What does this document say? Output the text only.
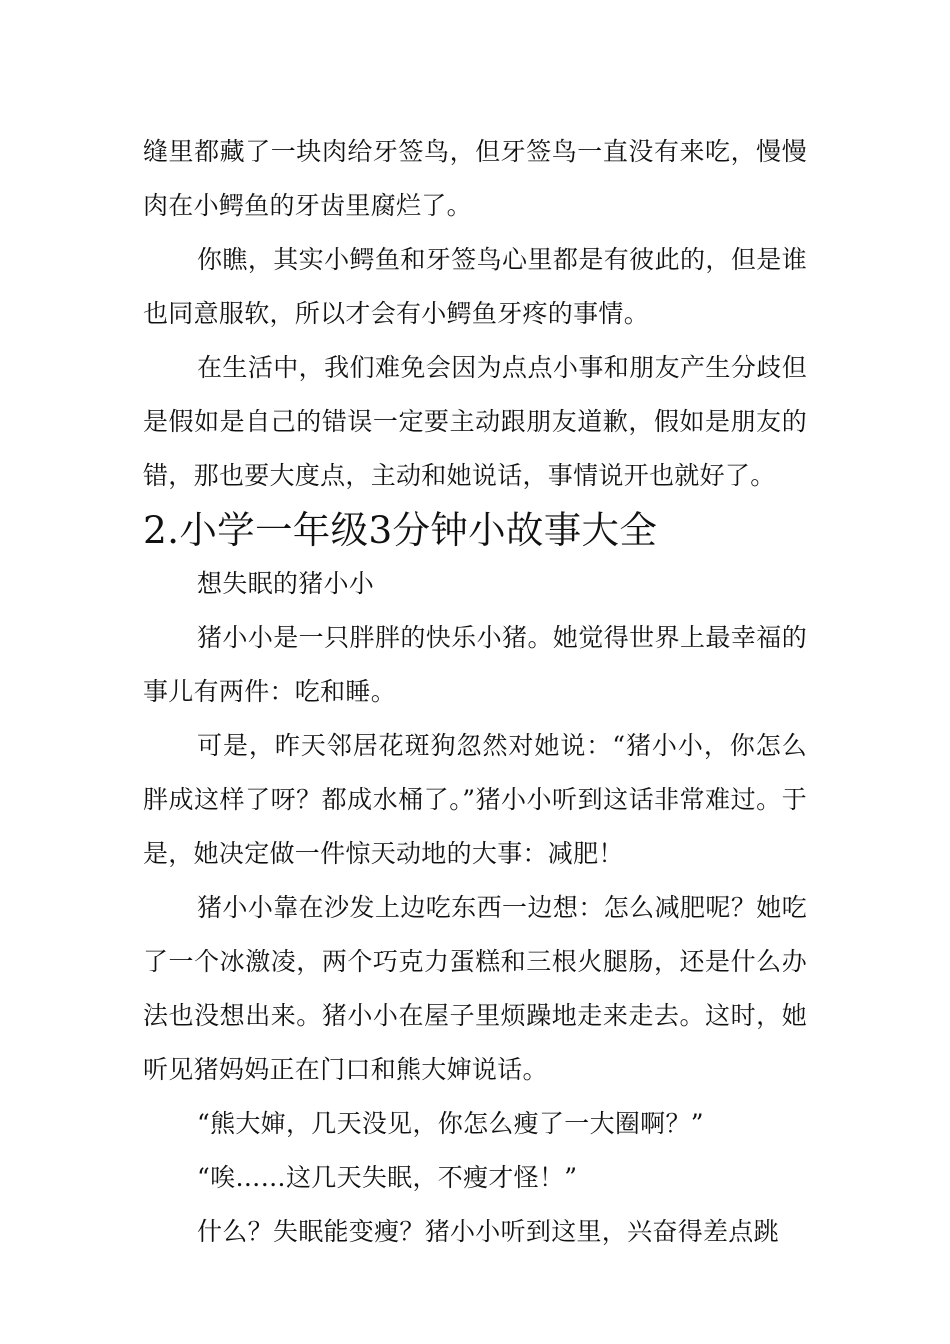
缝里都藏了一块肉给牙签鸟，但牙签鸟一直没有来吃，慢慢肉在小鳄鱼的牙齿里腐烂了。

你瞧，其实小鳄鱼和牙签鸟心里都是有彼此的，但是谁也同意服软，所以才会有小鳄鱼牙疼的事情。

在生活中，我们难免会因为点点小事和朋友产生分歧但是假如是自己的错误一定要主动跟朋友道歉，假如是朋友的错，那也要大度点，主动和她说话，事情说开也就好了。

2.小学一年级3分钟小故事大全

想失眠的猪小小

猪小小是一只胖胖的快乐小猪。她觉得世界上最幸福的事儿有两件：吃和睡。

可是，昨天邻居花斑狗忽然对她说：“猪小小，你怎么胖成这样了呀？都成水桶了。”猪小小听到这话非常难过。于是，她决定做一件惊天动地的大事：减肥！

猪小小靠在沙发上边吃东西一边想：怎么减肥呢？她吃了一个冰激凌，两个巧克力蛋糕和三根火腿肠，还是什么办法也没想出来。猪小小在屋子里烦躁地走来走去。这时，她听见猪妈妈正在门口和熊大婶说话。

“熊大婶，几天没见，你怎么瘦了一大圈啊？”

“唉……这几天失眠，不瘦才怪！”

什么？失眠能变瘦？猪小小听到这里，兴奋得差点跳
